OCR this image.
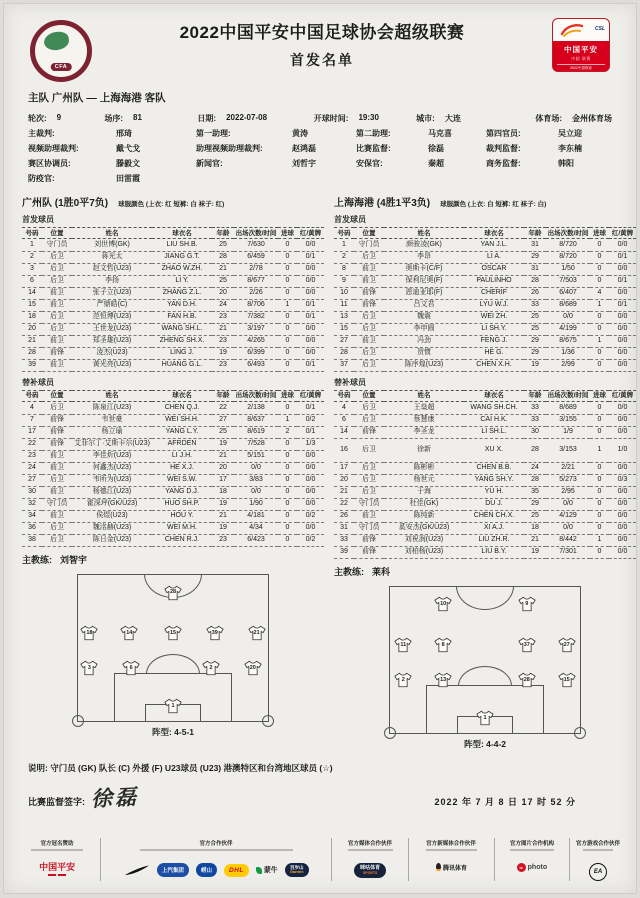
CFA
2022中国平安中国足球协会超级联赛
首发名单
CSL
中国平安
中超·联赛
2022中超联赛
主队 广州队 — 上海海港 客队
轮次: 9	场序: 81	日期: 2022-07-08	开球时间: 19:30	城市: 大连	体育场: 金州体育场
主裁判:	邢琦	第一助理:	黄涛	第二助理:	马克喜	第四官员:	吴立迎
视频助理裁判:	戴弋戈	助理视频助理裁判:	赵鸿磊	比赛监督:	徐磊	裁判监督:	李东楠
赛区协调员:	滕毅文	新闻官:	刘哲宇	安保官:	秦超	商务监督:	韩阳
防疫官:	田雷霞
广州队 (1胜0平7负) 球服颜色 (上衣: 红 短裤: 白 袜子: 红)
首发球员
号码	位置	姓名	球衣名	年龄	出场次数/时间	进球	红/黄牌
1	守门员	刘世博(GK)	LIU SH.B.	25	7/630	0	0/0
2	后卫	蒋光太	JIANG G.T.	28	6/459	0	0/1
3	后卫	赵文哲(U23)	ZHAO W.ZH.	21	2/78	0	0/0
6	后卫	李扬	LI Y.	25	8/677	0	0/0
14	前卫	张子立(U23)	ZHANG Z.L.	20	2/26	0	0/0
15	前卫	严鼎皓(C)	YAN D.H.	24	8/706	1	0/1
18	后卫	范恒博(U23)	FAN H.B.	23	7/382	0	0/1
20	后卫	王世龙(U23)	WANG SH.L.	21	3/197	0	0/0
21	前卫	郑圣雄(U23)	ZHENG SH.X.	23	4/265	0	0/0
28	前锋	凌杰(U23)	LING J.	19	6/399	0	0/0
39	前卫	黄光亮(U23)	HUANG G.L.	23	6/493	0	0/1
替补球员
号码	位置	姓名	球衣名	年龄	出场次数/时间	进球	红/黄牌
4	后卫	陈泉江(U23)	CHEN Q.J.	22	2/138	0	0/1
7	前锋	韦世豪	WEI SH.H.	27	8/637	1	0/2
17	前锋	杨立瑜	YANG L.Y.	25	8/619	2	0/1
22	前锋	艾菲尔丁·艾斯卡尔(U23)	AFRDEN	19	7/528	0	1/3
23	前卫	李佳炘(U23)	LI J.H.	21	5/151	0	0/0
24	前卫	何鑫杰(U23)	HE X.J.	20	0/0	0	0/0
27	后卫	韦所为(U23)	WEI S.W.	17	3/83	0	0/0
30	前卫	杨德江(U23)	YANG D.J.	18	0/0	0	0/0
32	守门员	霍深坪(GK/U23)	HUO SH.P.	19	1/90	0	0/0
34	前卫	侯煜(U23)	HOU Y.	21	4/181	0	0/2
36	后卫	魏洺赫(U23)	WEI M.H.	19	4/34	0	0/0
38	后卫	陈日金(U23)	CHEN R.J.	23	6/423	0	0/2
主教练: 刘智宇
28
18	14	15	39	21
3	6	2	20
1
阵型: 4-5-1
上海海港 (4胜1平3负) 球服颜色 (上衣: 白 短裤: 红 袜子: 白)
首发球员
号码	位置	姓名	球衣名	年龄	出场次数/时间	进球	红/黄牌
1	守门员	颜骏凌(GK)	YAN J.L.	31	8/720	0	0/0
2	后卫	李昂	LI A.	29	8/720	0	0/1
8	前卫	奥斯卡(C/F)	OSCAR	31	1/50	0	0/0
9	前卫	保利尼奥(F)	PAULINHO	28	7/503	0	0/1
10	前锋	恩迪亚耶(F)	CHERIF	26	6/407	4	0/0
11	前锋	吕文君	LYU W.J.	33	8/689	1	0/1
13	后卫	魏震	WEI ZH.	25	0/0	0	0/0
15	后卫	李申圆	LI SH.Y.	25	4/199	0	0/0
27	前卫	冯劲	FENG J.	29	8/675	1	0/0
28	后卫	贺惯	HE G.	29	1/36	0	0/0
37	后卫	陈序煌(U23)	CHEN X.H.	19	2/99	0	0/0
替补球员
号码	位置	姓名	球衣名	年龄	出场次数/时间	进球	红/黄牌
4	后卫	王燊超	WANG SH.CH.	33	8/689	0	0/0
6	后卫	蔡慧康	CAI H.K.	33	3/155	0	0/0
14	前锋	李圣龙	LI SH.L.	30	1/9	0	0/0
16	后卫	徐新	XU X.	28	3/153	1	1/0
17	后卫	陈彬彬	CHEN B.B.	24	2/21	0	0/0
20	后卫	杨世元	YANG SH.Y.	28	5/273	0	0/3
21	后卫	于海	YU H.	35	2/95	0	0/0
22	守门员	杜佳(GK)	DU J.	29	0/0	0	0/0
26	前卫	陈纯新	CHEN CH.X.	25	4/129	0	0/0
31	守门员	奚安杰(GK/U23)	XI A.J.	18	0/0	0	0/0
33	前锋	刘祝润(U23)	LIU ZH.R.	21	8/442	1	0/0
39	前锋	刘柏杨(U23)	LIU B.Y.	19	7/301	0	0/0
主教练: 莱科
10	9
11	8	37	27
2	13	28	15
1
阵型: 4-4-2
说明: 守门员 (GK) 队长 (C) 外援 (F) U23球员 (U23) 港澳特区和台湾地区球员 (☆)
比赛监督签字: 徐磊	2022 年 7 月 8 日 17 时 52 分
官方冠名赞助
中国平安
官方合作伙伴
上汽集团	崂山	DHL	蒙牛	百岁山
Ganten
官方媒体合作伙伴
咪咕体育
SPORTS
官方新媒体合作伙伴
腾讯体育
官方图片合作机构
ic photo
官方游戏合作伙伴
EA
